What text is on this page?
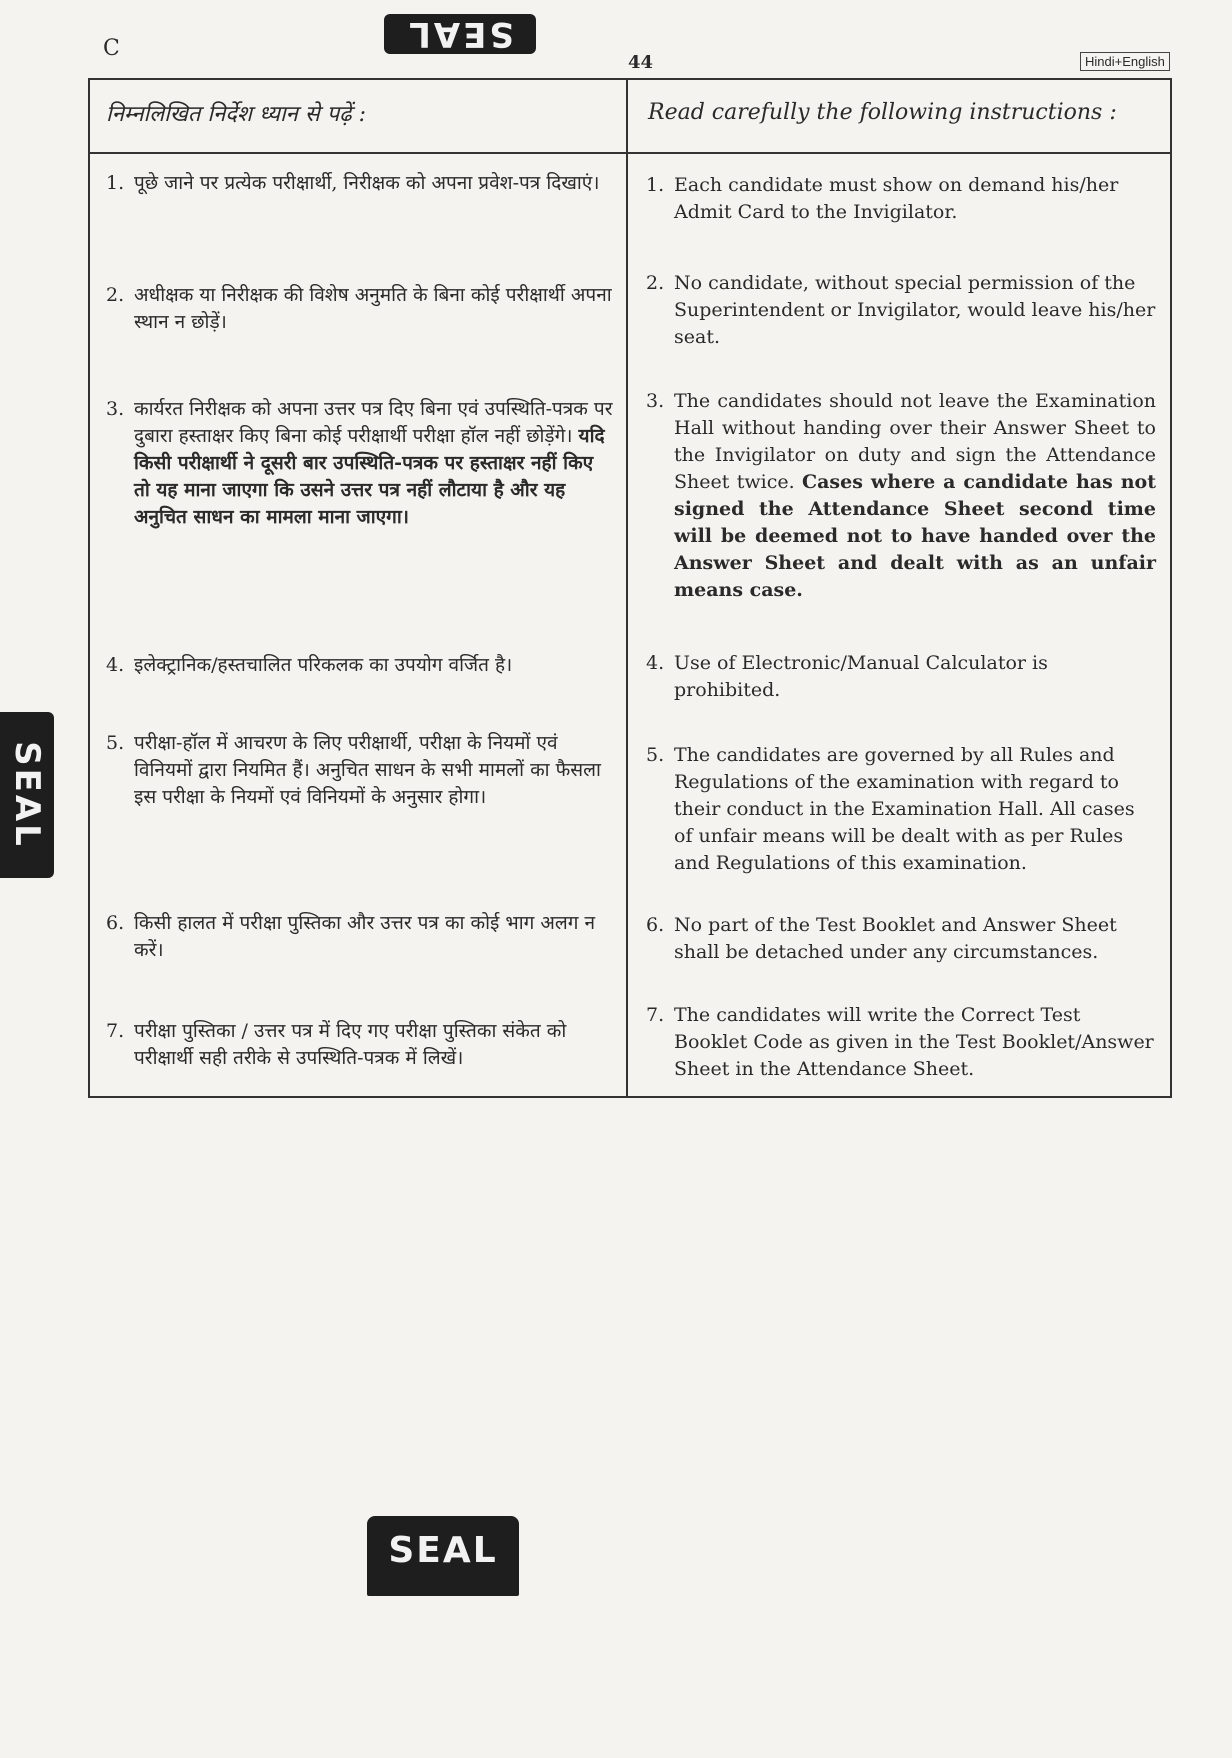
SEAL
SEAL
SEAL
C
44	Hindi+English
निम्नलिखित निर्देश ध्यान से पढ़ें :	Read carefully the following instructions :
1. पूछे जाने पर प्रत्येक परीक्षार्थी, निरीक्षक को अपना प्रवेश-पत्र दिखाएं।
2. अधीक्षक या निरीक्षक की विशेष अनुमति के बिना कोई परीक्षार्थी अपना स्थान न छोड़ें।
3. कार्यरत निरीक्षक को अपना उत्तर पत्र दिए बिना एवं उपस्थिति-पत्रक पर दुबारा हस्ताक्षर किए बिना कोई परीक्षार्थी परीक्षा हॉल नहीं छोड़ेंगे। यदि किसी परीक्षार्थी ने दूसरी बार उपस्थिति-पत्रक पर हस्ताक्षर नहीं किए तो यह माना जाएगा कि उसने उत्तर पत्र नहीं लौटाया है और यह अनुचित साधन का मामला माना जाएगा।
4. इलेक्ट्रानिक/हस्तचालित परिकलक का उपयोग वर्जित है।
5. परीक्षा-हॉल में आचरण के लिए परीक्षार्थी, परीक्षा के नियमों एवं विनियमों द्वारा नियमित हैं। अनुचित साधन के सभी मामलों का फैसला इस परीक्षा के नियमों एवं विनियमों के अनुसार होगा।
6. किसी हालत में परीक्षा पुस्तिका और उत्तर पत्र का कोई भाग अलग न करें।
7. परीक्षा पुस्तिका / उत्तर पत्र में दिए गए परीक्षा पुस्तिका संकेत को परीक्षार्थी सही तरीके से उपस्थिति-पत्रक में लिखें।
1. Each candidate must show on demand his/her Admit Card to the Invigilator.
2. No candidate, without special permission of the Superintendent or Invigilator, would leave his/her seat.
3. The candidates should not leave the Examination Hall without handing over their Answer Sheet to the Invigilator on duty and sign the Attendance Sheet twice. Cases where a candidate has not signed the Attendance Sheet second time will be deemed not to have handed over the Answer Sheet and dealt with as an unfair means case.
4. Use of Electronic/Manual Calculator is prohibited.
5. The candidates are governed by all Rules and Regulations of the examination with regard to their conduct in the Examination Hall. All cases of unfair means will be dealt with as per Rules and Regulations of this examination.
6. No part of the Test Booklet and Answer Sheet shall be detached under any circumstances.
7. The candidates will write the Correct Test Booklet Code as given in the Test Booklet/Answer Sheet in the Attendance Sheet.
